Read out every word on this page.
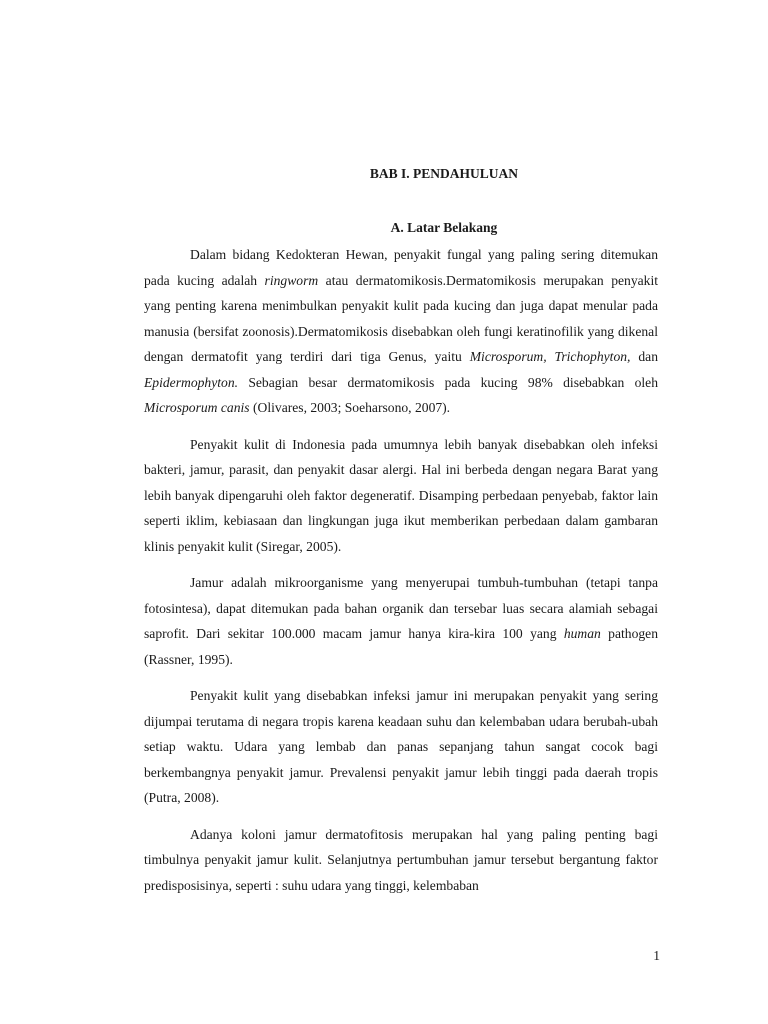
BAB I. PENDAHULUAN
A. Latar Belakang

Dalam bidang Kedokteran Hewan, penyakit fungal yang paling sering ditemukan pada kucing adalah ringworm atau dermatomikosis.Dermatomikosis merupakan penyakit yang penting karena menimbulkan penyakit kulit pada kucing dan juga dapat menular pada manusia (bersifat zoonosis).Dermatomikosis disebabkan oleh fungi keratinofilik yang dikenal dengan dermatofit yang terdiri dari tiga Genus, yaitu Microsporum, Trichophyton, dan Epidermophyton. Sebagian besar dermatomikosis pada kucing 98% disebabkan oleh Microsporum canis (Olivares, 2003; Soeharsono, 2007).

Penyakit kulit di Indonesia pada umumnya lebih banyak disebabkan oleh infeksi bakteri, jamur, parasit, dan penyakit dasar alergi. Hal ini berbeda dengan negara Barat yang lebih banyak dipengaruhi oleh faktor degeneratif. Disamping perbedaan penyebab, faktor lain seperti iklim, kebiasaan dan lingkungan juga ikut memberikan perbedaan dalam gambaran klinis penyakit kulit (Siregar, 2005).

Jamur adalah mikroorganisme yang menyerupai tumbuh-tumbuhan (tetapi tanpa fotosintesa), dapat ditemukan pada bahan organik dan tersebar luas secara alamiah sebagai saprofit. Dari sekitar 100.000 macam jamur hanya kira-kira 100 yang human pathogen (Rassner, 1995).

Penyakit kulit yang disebabkan infeksi jamur ini merupakan penyakit yang sering dijumpai terutama di negara tropis karena keadaan suhu dan kelembaban udara berubah-ubah setiap waktu. Udara yang lembab dan panas sepanjang tahun sangat cocok bagi berkembangnya penyakit jamur. Prevalensi penyakit jamur lebih tinggi pada daerah tropis (Putra, 2008).

Adanya koloni jamur dermatofitosis merupakan hal yang paling penting bagi timbulnya penyakit jamur kulit. Selanjutnya pertumbuhan jamur tersebut bergantung faktor predisposisinya, seperti : suhu udara yang tinggi, kelembaban

1
